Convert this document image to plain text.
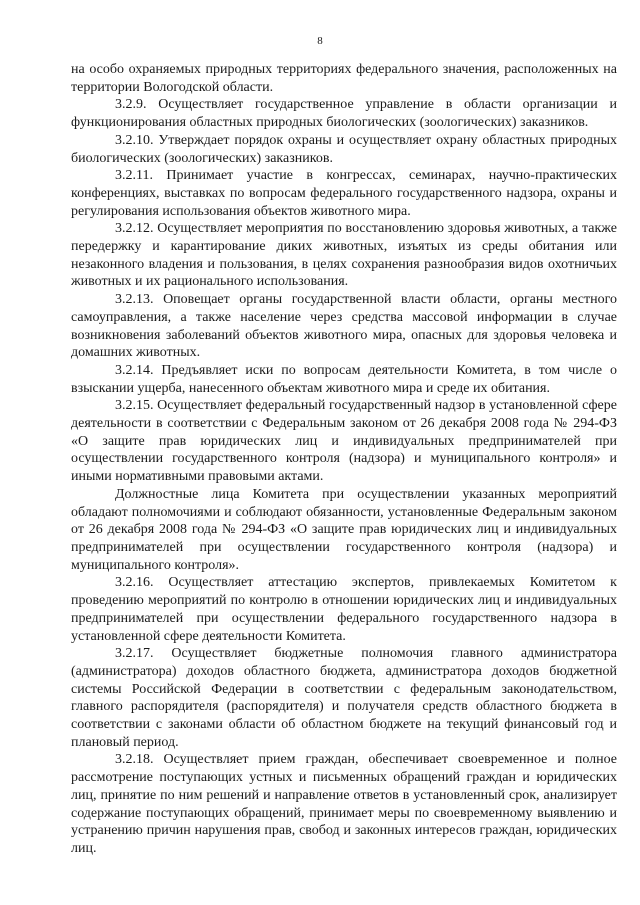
8

на особо охраняемых природных территориях федерального значения, расположенных на территории Вологодской области.

3.2.9. Осуществляет государственное управление в области организации и функционирования областных природных биологических (зоологических) заказников.

3.2.10. Утверждает порядок охраны и осуществляет охрану областных природных биологических (зоологических) заказников.

3.2.11. Принимает участие в конгрессах, семинарах, научно-практических конференциях, выставках по вопросам федерального государственного надзора, охраны и регулирования использования объектов животного мира.

3.2.12. Осуществляет мероприятия по восстановлению здоровья животных, а также передержку и карантирование диких животных, изъятых из среды обитания или незаконного владения и пользования, в целях сохранения разнообразия видов охотничьих животных и их рационального использования.

3.2.13. Оповещает органы государственной власти области, органы местного самоуправления, а также население через средства массовой информации в случае возникновения заболеваний объектов животного мира, опасных для здоровья человека и домашних животных.

3.2.14. Предъявляет иски по вопросам деятельности Комитета, в том числе о взыскании ущерба, нанесенного объектам животного мира и среде их обитания.

3.2.15. Осуществляет федеральный государственный надзор в установленной сфере деятельности в соответствии с Федеральным законом от 26 декабря 2008 года № 294-ФЗ «О защите прав юридических лиц и индивидуальных предпринимателей при осуществлении государственного контроля (надзора) и муниципального контроля» и иными нормативными правовыми актами.

Должностные лица Комитета при осуществлении указанных мероприятий обладают полномочиями и соблюдают обязанности, установленные Федеральным законом от 26 декабря 2008 года № 294-ФЗ «О защите прав юридических лиц и индивидуальных предпринимателей при осуществлении государственного контроля (надзора) и муниципального контроля».

3.2.16. Осуществляет аттестацию экспертов, привлекаемых Комитетом к проведению мероприятий по контролю в отношении юридических лиц и индивидуальных предпринимателей при осуществлении федерального государственного надзора в установленной сфере деятельности Комитета.

3.2.17. Осуществляет бюджетные полномочия главного администратора (администратора) доходов областного бюджета, администратора доходов бюджетной системы Российской Федерации в соответствии с федеральным законодательством, главного распорядителя (распорядителя) и получателя средств областного бюджета в соответствии с законами области об областном бюджете на текущий финансовый год и плановый период.

3.2.18. Осуществляет прием граждан, обеспечивает своевременное и полное рассмотрение поступающих устных и письменных обращений граждан и юридических лиц, принятие по ним решений и направление ответов в установленный срок, анализирует содержание поступающих обращений, принимает меры по своевременному выявлению и устранению причин нарушения прав, свобод и законных интересов граждан, юридических лиц.
